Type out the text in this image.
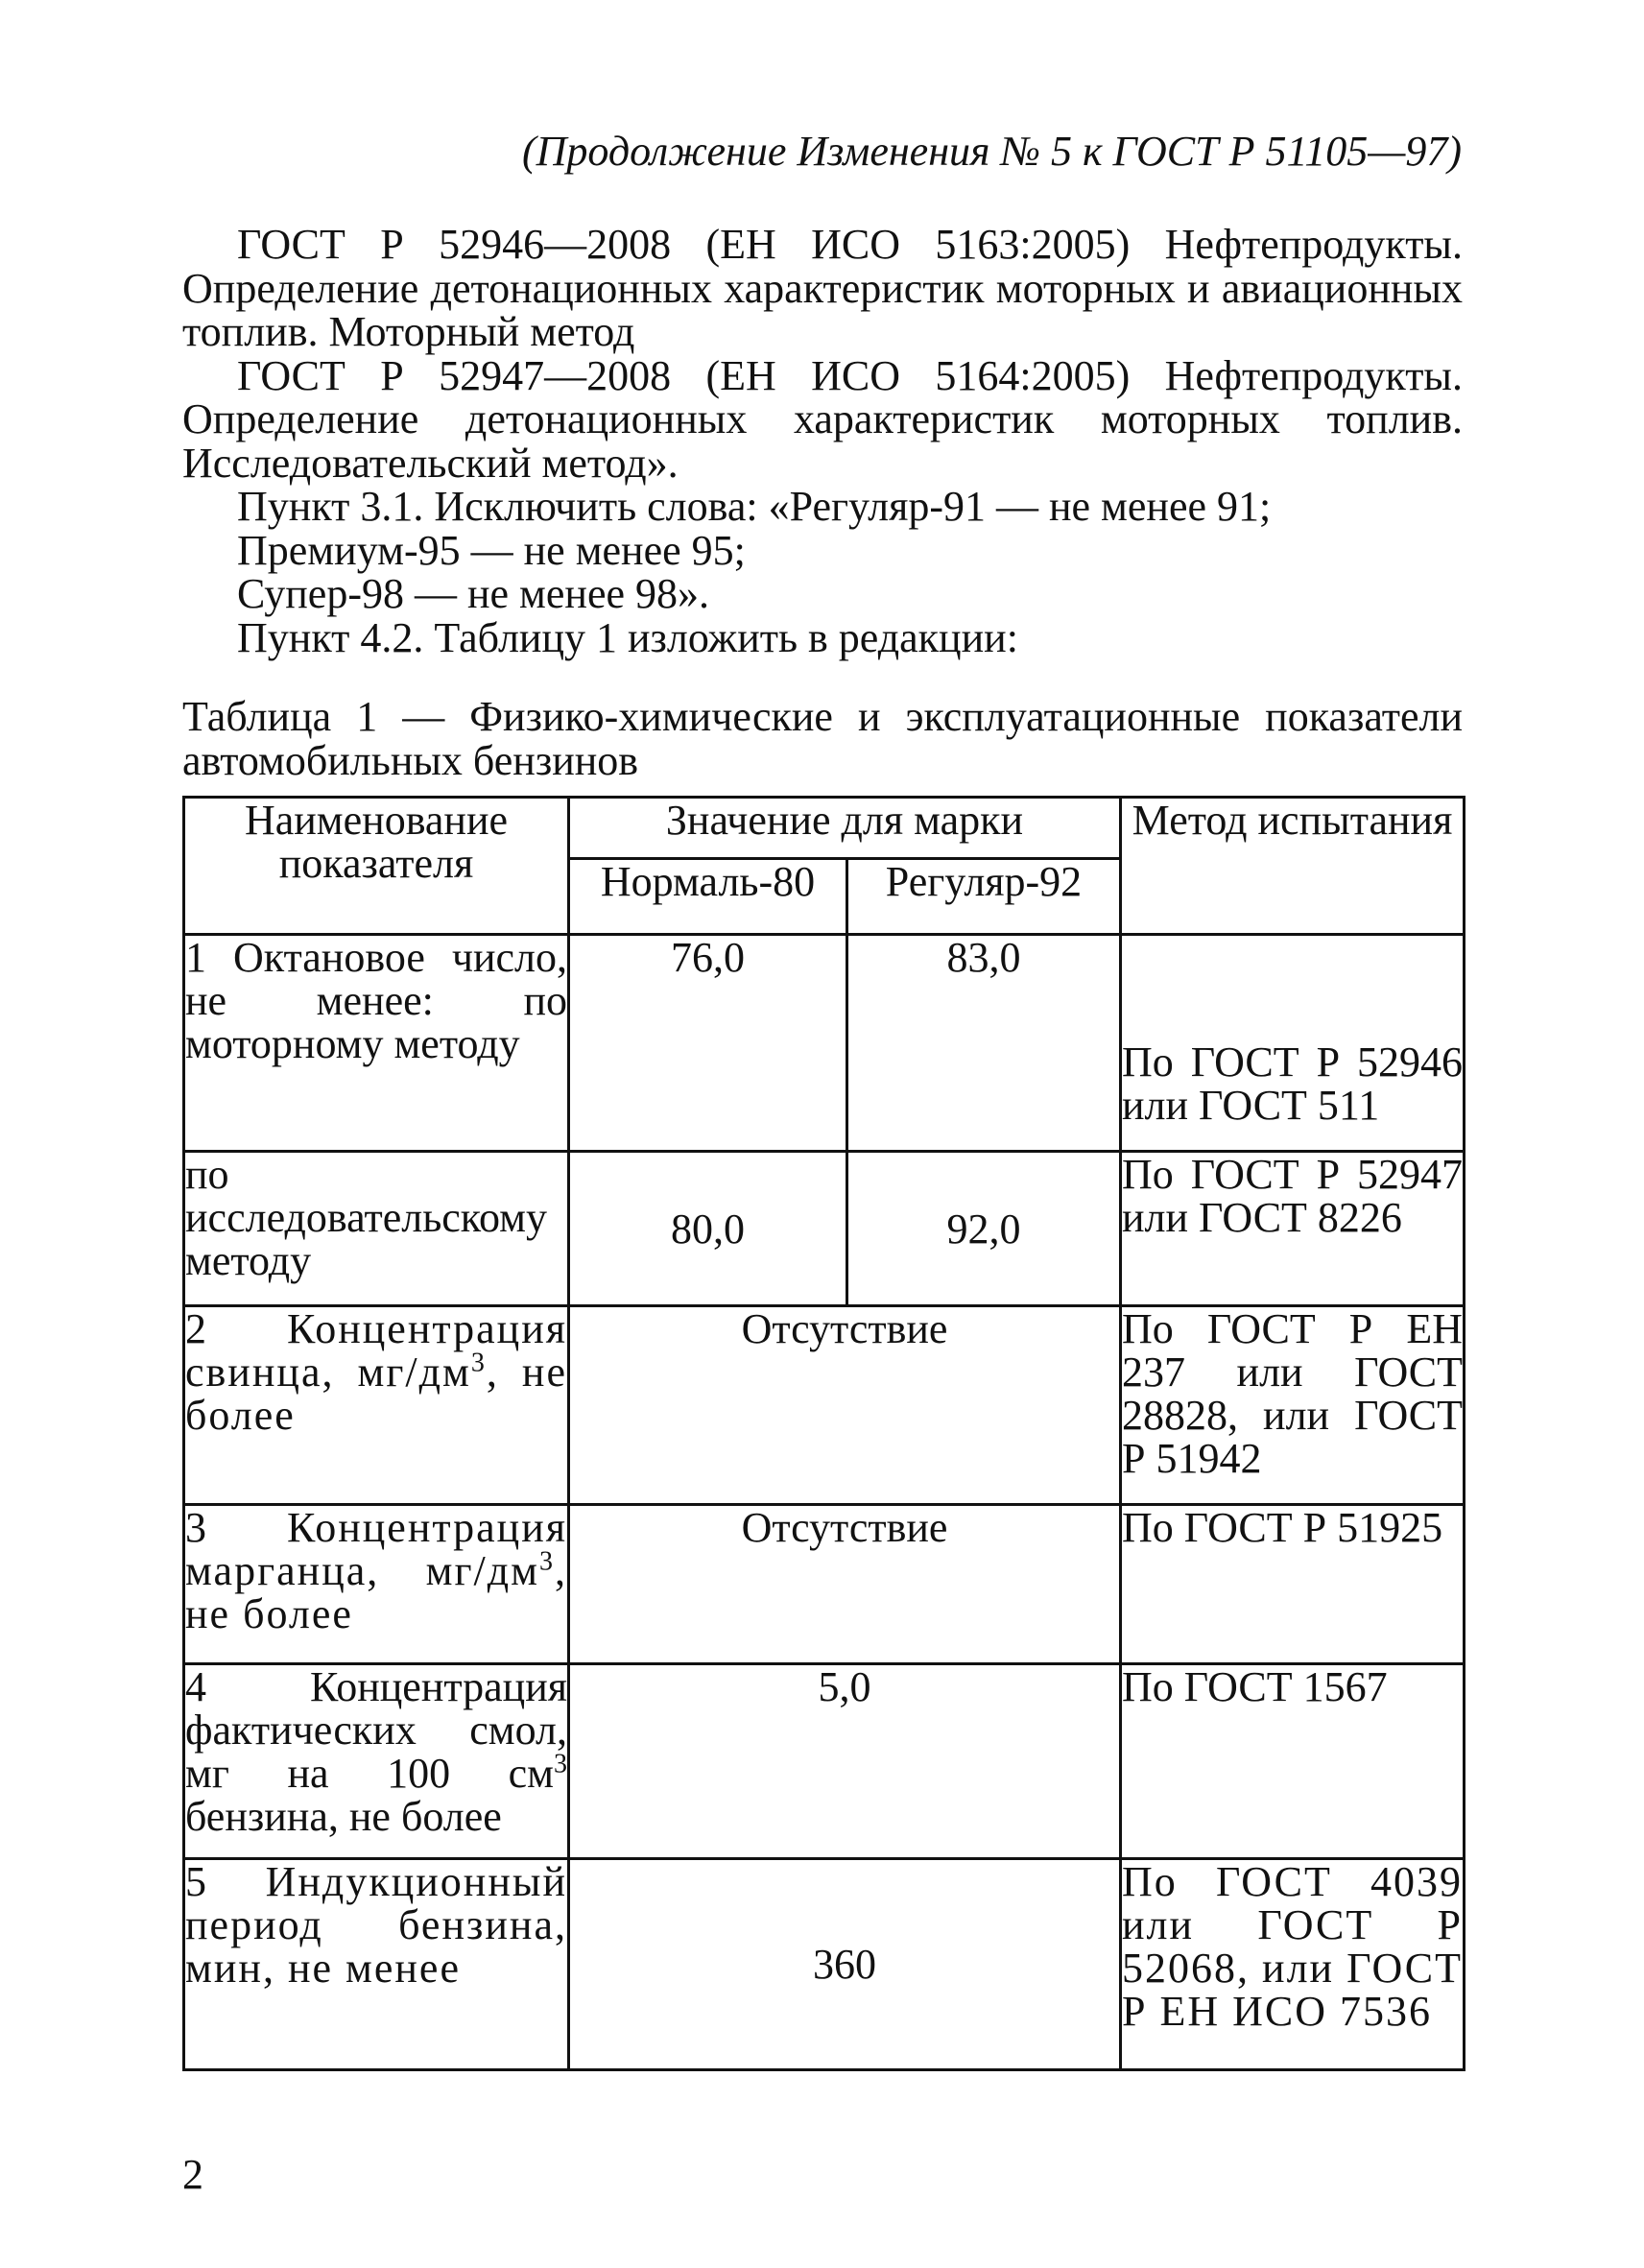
(Продолжение Изменения № 5 к ГОСТ Р 51105—97)

ГОСТ Р 52946—2008 (ЕН ИСО 5163:2005) Нефтепродукты. Определение детонационных характеристик моторных и авиационных топлив. Моторный метод

ГОСТ Р 52947—2008 (ЕН ИСО 5164:2005) Нефтепродукты. Определение детонационных характеристик моторных топлив. Исследовательский метод».

Пункт 3.1. Исключить слова: «Регуляр-91 — не менее 91;

Премиум-95 — не менее 95;

Супер-98 — не менее 98».

Пункт 4.2. Таблицу 1 изложить в редакции:

Таблица 1 — Физико-химические и эксплуатационные показатели автомобильных бензинов
Наименование показателя	Значение для марки		Метод испытания
	Нормаль-80	Регуляр-92	
1 Октановое число, не менее: по моторному методу	76,0	83,0	По ГОСТ Р 52946 или ГОСТ 511
по исследовательскому методу	80,0	92,0	По ГОСТ Р 52947 или ГОСТ 8226
2 Концентрация свинца, $мг/дм^3$, не более	Отсутствие		По ГОСТ Р ЕН 237 или ГОСТ 28828, или ГОСТ Р 51942
3 Концентрация марганца, $мг/дм^3$, не более	Отсутствие		По ГОСТ Р 51925
4 Концентрация фактических смол, мг на 100 $см^3$ бензина, не более	5,0		По ГОСТ 1567
5 Индукционный период бензина, мин, не менее	360		По ГОСТ 4039 или ГОСТ Р 52068, или ГОСТ Р ЕН ИСО 7536
2
